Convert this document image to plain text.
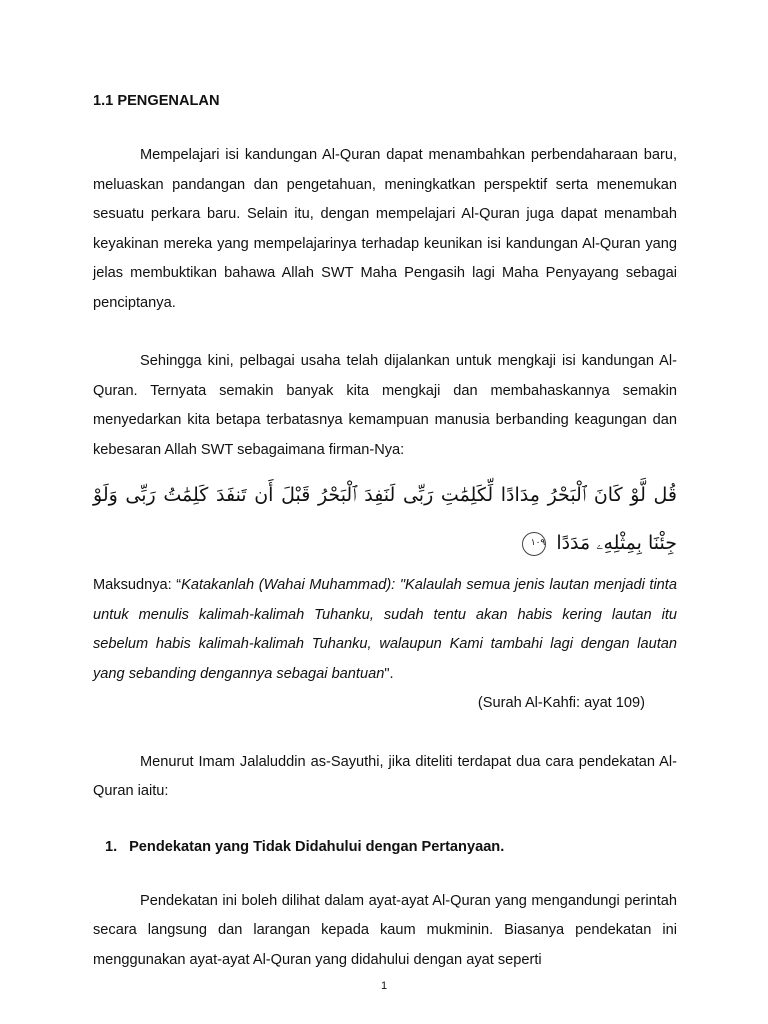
1.1 PENGENALAN

Mempelajari isi kandungan Al-Quran dapat menambahkan perbendaharaan baru, meluaskan pandangan dan pengetahuan, meningkatkan perspektif serta menemukan sesuatu perkara baru. Selain itu, dengan mempelajari Al-Quran juga dapat menambah keyakinan mereka yang mempelajarinya terhadap keunikan isi kandungan Al-Quran yang jelas membuktikan bahawa Allah SWT Maha Pengasih lagi Maha Penyayang sebagai penciptanya.

Sehingga kini, pelbagai usaha telah dijalankan untuk mengkaji isi kandungan Al-Quran. Ternyata semakin banyak kita mengkaji dan membahaskannya semakin menyedarkan kita betapa terbatasnya kemampuan manusia berbanding keagungan dan kebesaran Allah SWT sebagaimana firman-Nya:

قُل لَّوْ كَانَ ٱلْبَحْرُ مِدَادًا لِّكَلِمَٰتِ رَبِّى لَنَفِدَ ٱلْبَحْرُ قَبْلَ أَن تَنفَدَ كَلِمَٰتُ رَبِّى وَلَوْ جِئْنَا بِمِثْلِهِۦ مَدَدًا ١٠٩

Maksudnya: “Katakanlah (Wahai Muhammad): "Kalaulah semua jenis lautan menjadi tinta untuk menulis kalimah-kalimah Tuhanku, sudah tentu akan habis kering lautan itu sebelum habis kalimah-kalimah Tuhanku, walaupun Kami tambahi lagi dengan lautan yang sebanding dengannya sebagai bantuan".

(Surah Al-Kahfi: ayat 109)

Menurut Imam Jalaluddin as-Sayuthi, jika diteliti terdapat dua cara pendekatan Al-Quran iaitu:

1. Pendekatan yang Tidak Didahului dengan Pertanyaan.

Pendekatan ini boleh dilihat dalam ayat-ayat Al-Quran yang mengandungi perintah secara langsung dan larangan kepada kaum mukminin. Biasanya pendekatan ini menggunakan ayat-ayat Al-Quran yang didahului dengan ayat seperti

1
